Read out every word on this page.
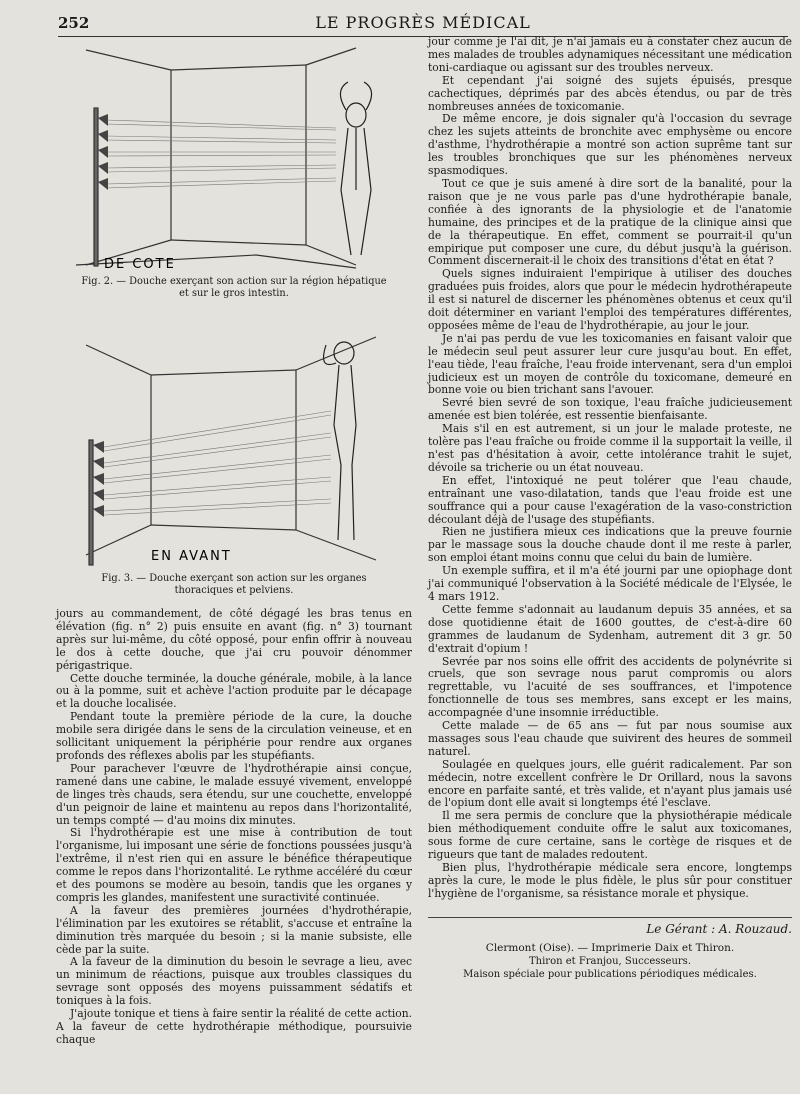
252	LE PROGRÈS MÉDICAL
DE COTE
Fig. 2. — Douche exerçant son action sur la région hépatique et sur le gros intestin.
EN AVANT
Fig. 3. — Douche exerçant son action sur les organes thoraciques et pelviens.

jours au commandement, de côté dégagé les bras tenus en élévation (fig. n° 2) puis ensuite en avant (fig. n° 3) tournant après sur lui-même, du côté opposé, pour enfin offrir à nouveau le dos à cette douche, que j'ai cru pouvoir dénommer périgastrique.

Cette douche terminée, la douche générale, mobile, à la lance ou à la pomme, suit et achève l'action produite par le décapage et la douche localisée.

Pendant toute la première période de la cure, la douche mobile sera dirigée dans le sens de la circulation veineuse, et en sollicitant uniquement la périphérie pour rendre aux organes profonds des réflexes abolis par les stupéfiants.

Pour parachever l'œuvre de l'hydrothérapie ainsi conçue, ramené dans une cabine, le malade essuyé vivement, enveloppé de linges très chauds, sera étendu, sur une couchette, enveloppé d'un peignoir de laine et maintenu au repos dans l'horizontalité, un temps compté — d'au moins dix minutes.

Si l'hydrothérapie est une mise à contribution de tout l'organisme, lui imposant une série de fonctions poussées jusqu'à l'extrême, il n'est rien qui en assure le bénéfice thérapeutique comme le repos dans l'horizontalité. Le rythme accéléré du cœur et des poumons se modère au besoin, tandis que les organes y compris les glandes, manifestent une suractivité continuée.

A la faveur des premières journées d'hydrothérapie, l'élimination par les exutoires se rétablit, s'accuse et entraîne la diminution très marquée du besoin ; si la manie subsiste, elle cède par la suite.

A la faveur de la diminution du besoin le sevrage a lieu, avec un minimum de réactions, puisque aux troubles classiques du sevrage sont opposés des moyens puissamment sédatifs et toniques à la fois.

J'ajoute tonique et tiens à faire sentir la réalité de cette action. A la faveur de cette hydrothérapie méthodique, poursuivie chaque

jour comme je l'ai dit, je n'ai jamais eu à constater chez aucun de mes malades de troubles adynamiques nécessitant une médication toni-cardiaque ou agissant sur des troubles nerveux.

Et cependant j'ai soigné des sujets épuisés, presque cachectiques, déprimés par des abcès étendus, ou par de très nombreuses années de toxicomanie.

De même encore, je dois signaler qu'à l'occasion du sevrage chez les sujets atteints de bronchite avec emphysème ou encore d'asthme, l'hydrothérapie a montré son action suprême tant sur les troubles bronchiques que sur les phénomènes nerveux spasmodiques.

Tout ce que je suis amené à dire sort de la banalité, pour la raison que je ne vous parle pas d'une hydrothérapie banale, confiée à des ignorants de la physiologie et de l'anatomie humaine, des principes et de la pratique de la clinique ainsi que de la thérapeutique. En effet, comment se pourrait-il qu'un empirique put composer une cure, du début jusqu'à la guérison. Comment discernerait-il le choix des transitions d'état en état ?

Quels signes induiraient l'empirique à utiliser des douches graduées puis froides, alors que pour le médecin hydrothérapeute il est si naturel de discerner les phénomènes obtenus et ceux qu'il doit déterminer en variant l'emploi des températures différentes, opposées même de l'eau de l'hydrothérapie, au jour le jour.

Je n'ai pas perdu de vue les toxicomanies en faisant valoir que le médecin seul peut assurer leur cure jusqu'au bout. En effet, l'eau tiède, l'eau fraîche, l'eau froide intervenant, sera d'un emploi judicieux est un moyen de contrôle du toxicomane, demeuré en bonne voie ou bien trichant sans l'avouer.

Sevré bien sevré de son toxique, l'eau fraîche judicieusement amenée est bien tolérée, est ressentie bienfaisante.

Mais s'il en est autrement, si un jour le malade proteste, ne tolère pas l'eau fraîche ou froide comme il la supportait la veille, il n'est pas d'hésitation à avoir, cette intolérance trahit le sujet, dévoile sa tricherie ou un état nouveau.

En effet, l'intoxiqué ne peut tolérer que l'eau chaude, entraînant une vaso-dilatation, tands que l'eau froide est une souffrance qui a pour cause l'exagération de la vaso-constriction découlant déjà de l'usage des stupéfiants.

Rien ne justifiera mieux ces indications que la preuve fournie par le massage sous la douche chaude dont il me reste à parler, son emploi étant moins connu que celui du bain de lumière.

Un exemple suffira, et il m'a été journi par une opiophage dont j'ai communiqué l'observation à la Société médicale de l'Elysée, le 4 mars 1912.

Cette femme s'adonnait au laudanum depuis 35 années, et sa dose quotidienne était de 1600 gouttes, de c'est-à-dire 60 grammes de laudanum de Sydenham, autrement dit 3 gr. 50 d'extrait d'opium !

Sevrée par nos soins elle offrit des accidents de polynévrite si cruels, que son sevrage nous parut compromis ou alors regrettable, vu l'acuité de ses souffrances, et l'impotence fonctionnelle de tous ses membres, sans except er les mains, accompagnée d'une insomnie irréductible.

Cette malade — de 65 ans — fut par nous soumise aux massages sous l'eau chaude que suivirent des heures de sommeil naturel.

Soulagée en quelques jours, elle guérit radicalement. Par son médecin, notre excellent confrère le Dr Orillard, nous la savons encore en parfaite santé, et très valide, et n'ayant plus jamais usé de l'opium dont elle avait si longtemps été l'esclave.

Il me sera permis de conclure que la physiothérapie médicale bien méthodiquement conduite offre le salut aux toxicomanes, sous forme de cure certaine, sans le cortège de risques et de rigueurs que tant de malades redoutent.

Bien plus, l'hydrothérapie médicale sera encore, longtemps après la cure, le mode le plus fidèle, le plus sûr pour constituer l'hygiène de l'organisme, sa résistance morale et physique.

Le Gérant : A. Rouzaud.
Clermont (Oise). — Imprimerie Daix et Thiron.
Thiron et Franjou, Successeurs.
Maison spéciale pour publications périodiques médicales.
